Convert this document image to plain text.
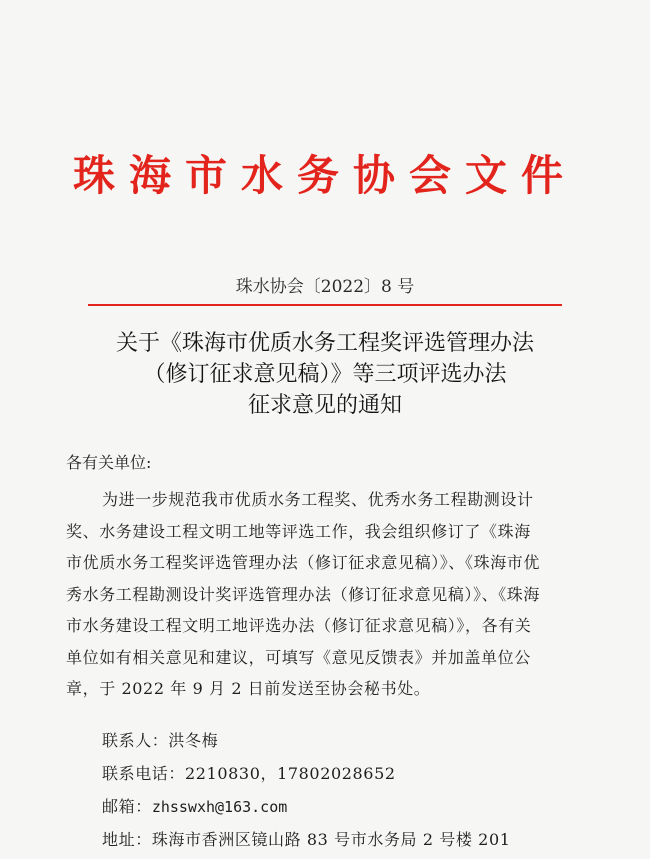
珠海市水务协会文件
珠水协会〔2022〕8 号
关于《珠海市优质水务工程奖评选管理办法
（修订征求意见稿）》等三项评选办法
征求意见的通知
各有关单位:
为进一步规范我市优质水务工程奖、优秀水务工程勘测设计
奖、水务建设工程文明工地等评选工作，我会组织修订了《珠海
市优质水务工程奖评选管理办法（修订征求意见稿）》、《珠海市优
秀水务工程勘测设计奖评选管理办法（修订征求意见稿）》、《珠海
市水务建设工程文明工地评选办法（修订征求意见稿）》，各有关
单位如有相关意见和建议，可填写《意见反馈表》并加盖单位公
章，于 2022 年 9 月 2 日前发送至协会秘书处。
联系人：洪冬梅
联系电话：2210830，17802028652
邮箱：zhsswxh@163.com
地址：珠海市香洲区镜山路 83 号市水务局 2 号楼 201
